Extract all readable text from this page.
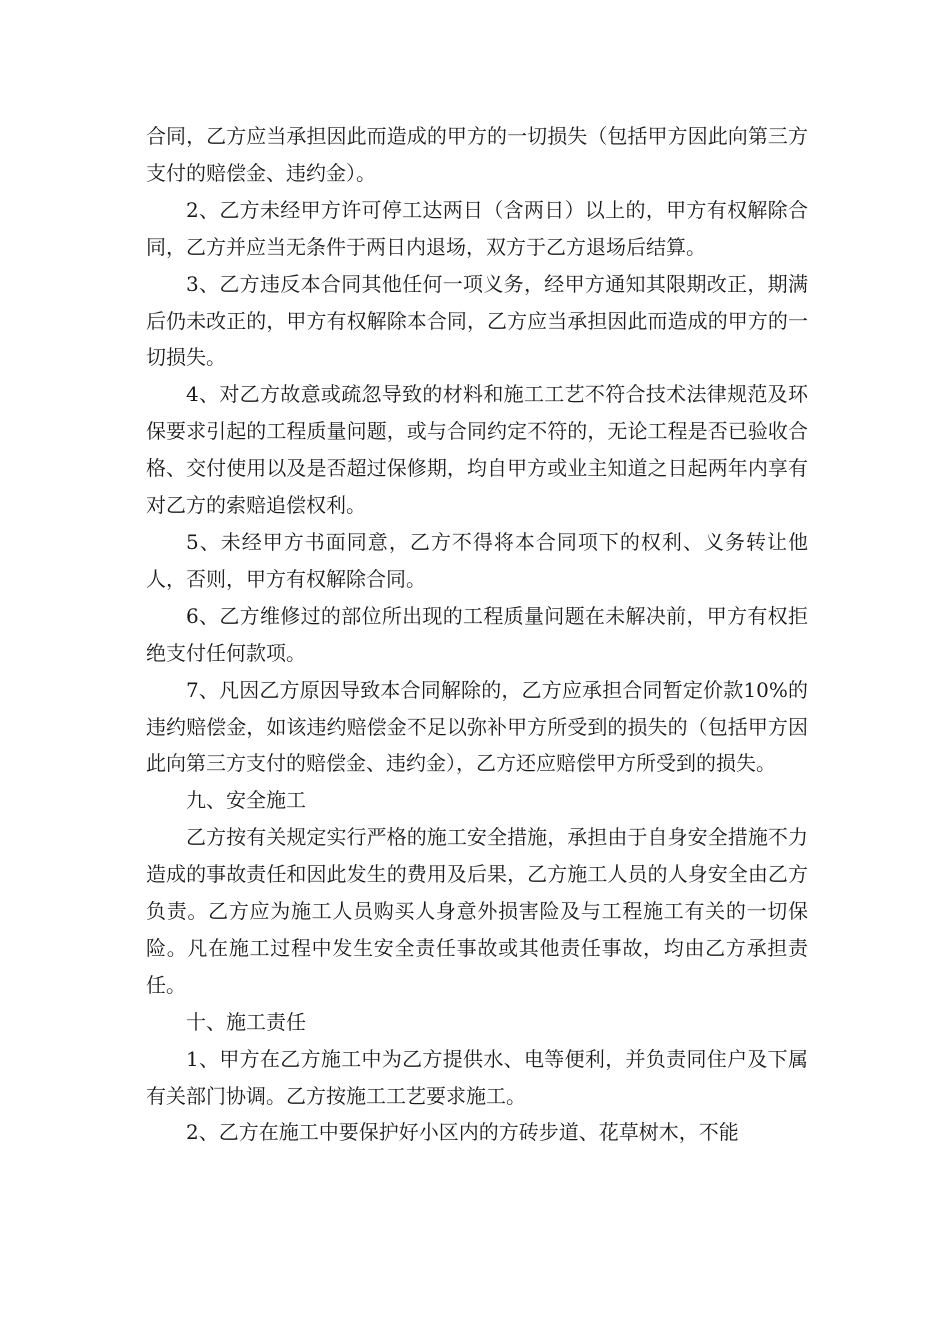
合同，乙方应当承担因此而造成的甲方的一切损失（包括甲方因此向第三方支付的赔偿金、违约金）。

2、乙方未经甲方许可停工达两日（含两日）以上的，甲方有权解除合同，乙方并应当无条件于两日内退场，双方于乙方退场后结算。

3、乙方违反本合同其他任何一项义务，经甲方通知其限期改正，期满后仍未改正的，甲方有权解除本合同，乙方应当承担因此而造成的甲方的一切损失。

4、对乙方故意或疏忽导致的材料和施工工艺不符合技术法律规范及环保要求引起的工程质量问题，或与合同约定不符的，无论工程是否已验收合格、交付使用以及是否超过保修期，均自甲方或业主知道之日起两年内享有对乙方的索赔追偿权利。

5、未经甲方书面同意，乙方不得将本合同项下的权利、义务转让他人，否则，甲方有权解除合同。

6、乙方维修过的部位所出现的工程质量问题在未解决前，甲方有权拒绝支付任何款项。

7、凡因乙方原因导致本合同解除的，乙方应承担合同暂定价款10%的违约赔偿金，如该违约赔偿金不足以弥补甲方所受到的损失的（包括甲方因此向第三方支付的赔偿金、违约金），乙方还应赔偿甲方所受到的损失。

九、安全施工

乙方按有关规定实行严格的施工安全措施，承担由于自身安全措施不力造成的事故责任和因此发生的费用及后果，乙方施工人员的人身安全由乙方负责。乙方应为施工人员购买人身意外损害险及与工程施工有关的一切保险。凡在施工过程中发生安全责任事故或其他责任事故，均由乙方承担责任。

十、施工责任

1、甲方在乙方施工中为乙方提供水、电等便利，并负责同住户及下属有关部门协调。乙方按施工工艺要求施工。

2、乙方在施工中要保护好小区内的方砖步道、花草树木，不能
